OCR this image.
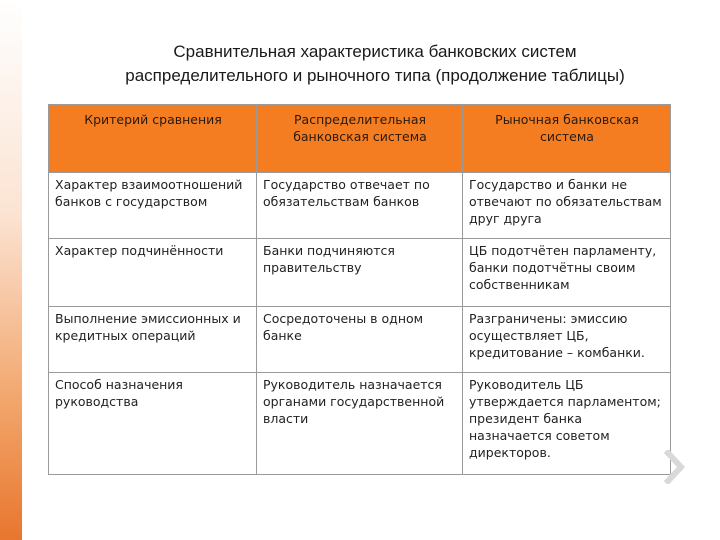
Сравнительная характеристика банковских систем
распределительного и рыночного типа (продолжение таблицы)
Критерий сравнения	Распределительная банковская система	Рыночная банковская система
Характер взаимоотношений банков с государством	Государство отвечает по обязательствам банков	Государство и банки не отвечают по обязательствам друг друга
Характер подчинённости	Банки подчиняются правительству	ЦБ подотчётен парламенту, банки подотчётны своим собственникам
Выполнение эмиссионных и кредитных операций	Сосредоточены в одном банке	Разграничены: эмиссию осуществляет ЦБ, кредитование – комбанки.
Способ назначения руководства	Руководитель назначается органами государственной власти	Руководитель ЦБ утверждается парламентом; президент банка назначается советом директоров.
